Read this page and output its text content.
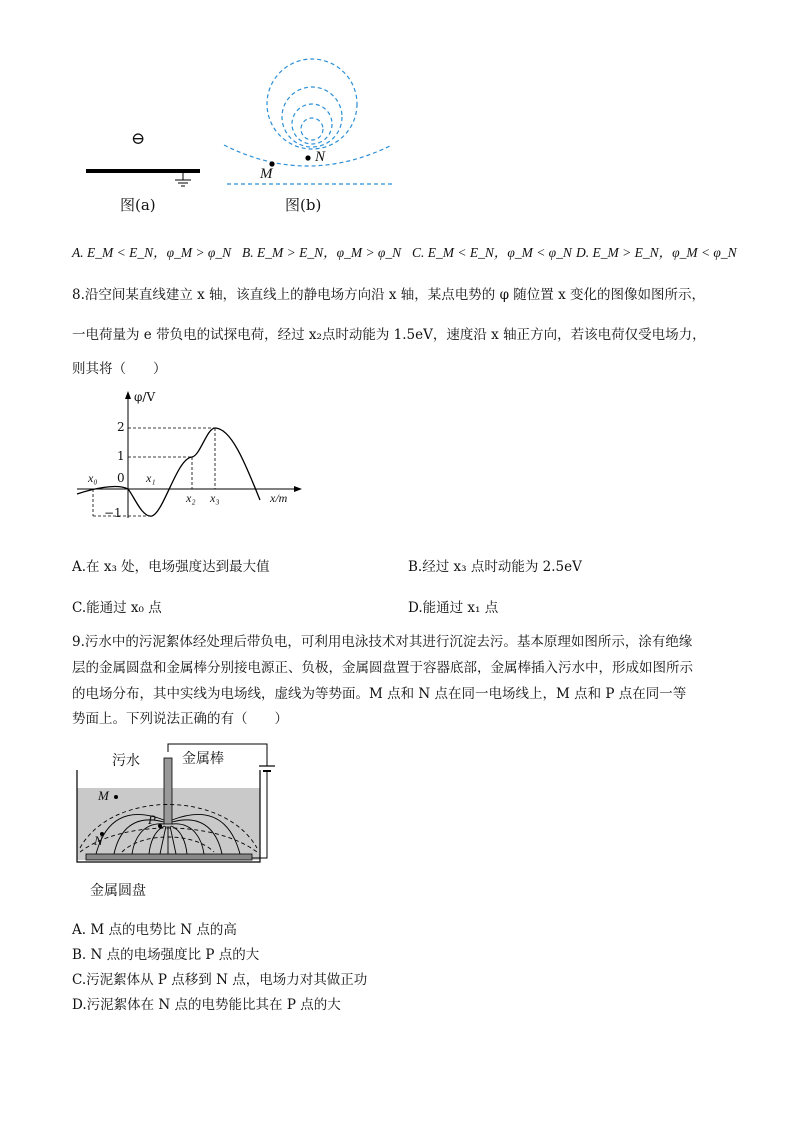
⊖
图(a)
M
N
图(b)
A. E_M < E_N，φ_M > φ_N B. E_M > E_N，φ_M > φ_N C. E_M < E_N，φ_M < φ_N D. E_M > E_N，φ_M < φ_N
8.沿空间某直线建立 x 轴，该直线上的静电场方向沿 x 轴，某点电势的 φ 随位置 x 变化的图像如图所示，
一电荷量为 e 带负电的试探电荷，经过 x₂点时动能为 1.5eV，速度沿 x 轴正方向，若该电荷仅受电场力，
则其将（　　）
φ/V
2
1
0
−1
x₀	x₁
x₂ x₃	x/m
A.在 x₃ 处，电场强度达到最大值	B.经过 x₃ 点时动能为 2.5eV
C.能通过 x₀ 点	D.能通过 x₁ 点
9.污水中的污泥絮体经处理后带负电，可利用电泳技术对其进行沉淀去污。基本原理如图所示，涂有绝缘
层的金属圆盘和金属棒分别接电源正、负极，金属圆盘置于容器底部，金属棒插入污水中，形成如图所示
的电场分布，其中实线为电场线，虚线为等势面。M 点和 N 点在同一电场线上，M 点和 P 点在同一等
势面上。下列说法正确的有（　　）
污水	金属棒
金属圆盘
M
N
P
A. M 点的电势比 N 点的高
B. N 点的电场强度比 P 点的大
C.污泥絮体从 P 点移到 N 点，电场力对其做正功
D.污泥絮体在 N 点的电势能比其在 P 点的大
